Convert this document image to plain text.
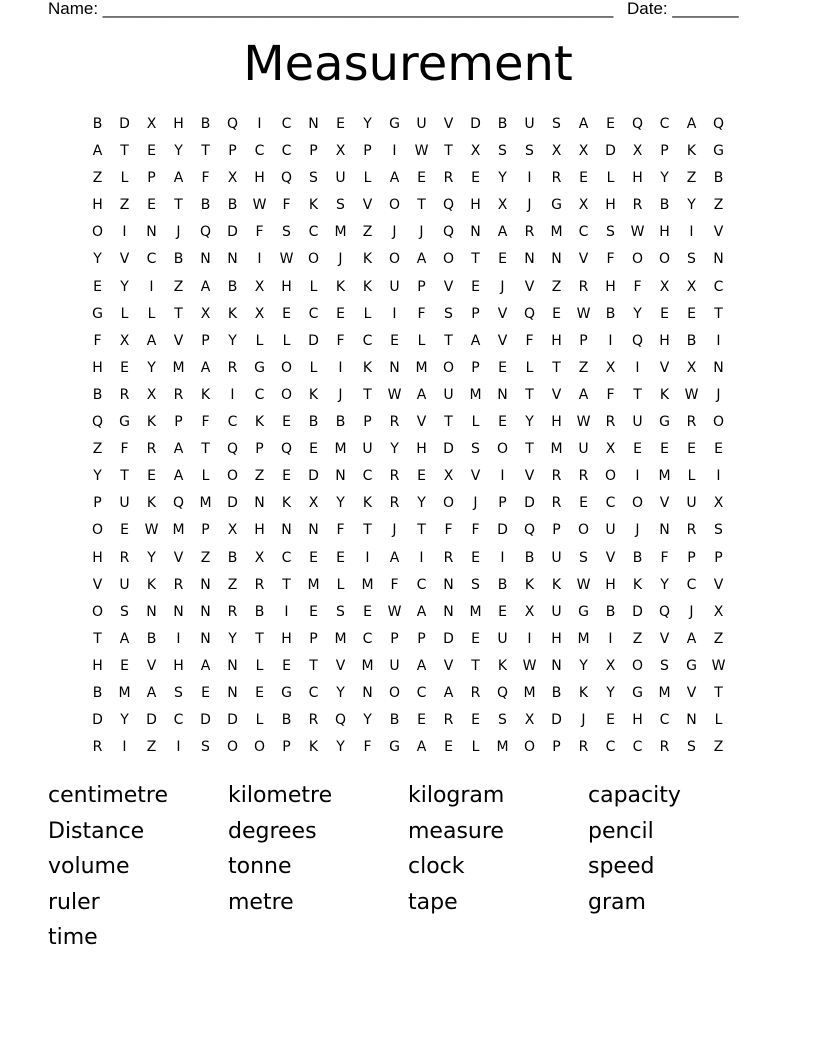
Name: ______________________________________________________ Date: _______
Measurement
B	D	X	H	B	Q	I	C	N	E	Y	G	U	V	D	B	U	S	A	E	Q	C	A	Q
A	T	E	Y	T	P	C	C	P	X	P	I	W	T	X	S	S	X	X	D	X	P	K	G
Z	L	P	A	F	X	H	Q	S	U	L	A	E	R	E	Y	I	R	E	L	H	Y	Z	B
H	Z	E	T	B	B	W	F	K	S	V	O	T	Q	H	X	J	G	X	H	R	B	Y	Z
O	I	N	J	Q	D	F	S	C	M	Z	J	J	Q	N	A	R	M	C	S	W	H	I	V
Y	V	C	B	N	N	I	W	O	J	K	O	A	O	T	E	N	N	V	F	O	O	S	N
E	Y	I	Z	A	B	X	H	L	K	K	U	P	V	E	J	V	Z	R	H	F	X	X	C
G	L	L	T	X	K	X	E	C	E	L	I	F	S	P	V	Q	E	W	B	Y	E	E	T
F	X	A	V	P	Y	L	L	D	F	C	E	L	T	A	V	F	H	P	I	Q	H	B	I
H	E	Y	M	A	R	G	O	L	I	K	N	M	O	P	E	L	T	Z	X	I	V	X	N
B	R	X	R	K	I	C	O	K	J	T	W	A	U	M	N	T	V	A	F	T	K	W	J
Q	G	K	P	F	C	K	E	B	B	P	R	V	T	L	E	Y	H	W	R	U	G	R	O
Z	F	R	A	T	Q	P	Q	E	M	U	Y	H	D	S	O	T	M	U	X	E	E	E	E
Y	T	E	A	L	O	Z	E	D	N	C	R	E	X	V	I	V	R	R	O	I	M	L	I
P	U	K	Q	M	D	N	K	X	Y	K	R	Y	O	J	P	D	R	E	C	O	V	U	X
O	E	W	M	P	X	H	N	N	F	T	J	T	F	F	D	Q	P	O	U	J	N	R	S
H	R	Y	V	Z	B	X	C	E	E	I	A	I	R	E	I	B	U	S	V	B	F	P	P
V	U	K	R	N	Z	R	T	M	L	M	F	C	N	S	B	K	K	W	H	K	Y	C	V
O	S	N	N	N	R	B	I	E	S	E	W	A	N	M	E	X	U	G	B	D	Q	J	X
T	A	B	I	N	Y	T	H	P	M	C	P	P	D	E	U	I	H	M	I	Z	V	A	Z
H	E	V	H	A	N	L	E	T	V	M	U	A	V	T	K	W	N	Y	X	O	S	G	W
B	M	A	S	E	N	E	G	C	Y	N	O	C	A	R	Q	M	B	K	Y	G	M	V	T
D	Y	D	C	D	D	L	B	R	Q	Y	B	E	R	E	S	X	D	J	E	H	C	N	L
R	I	Z	I	S	O	O	P	K	Y	F	G	A	E	L	M	O	P	R	C	C	R	S	Z
centimetre	kilometre	kilogram	capacity
Distance	degrees	measure	pencil
volume	tonne	clock	speed
ruler	metre	tape	gram
time
